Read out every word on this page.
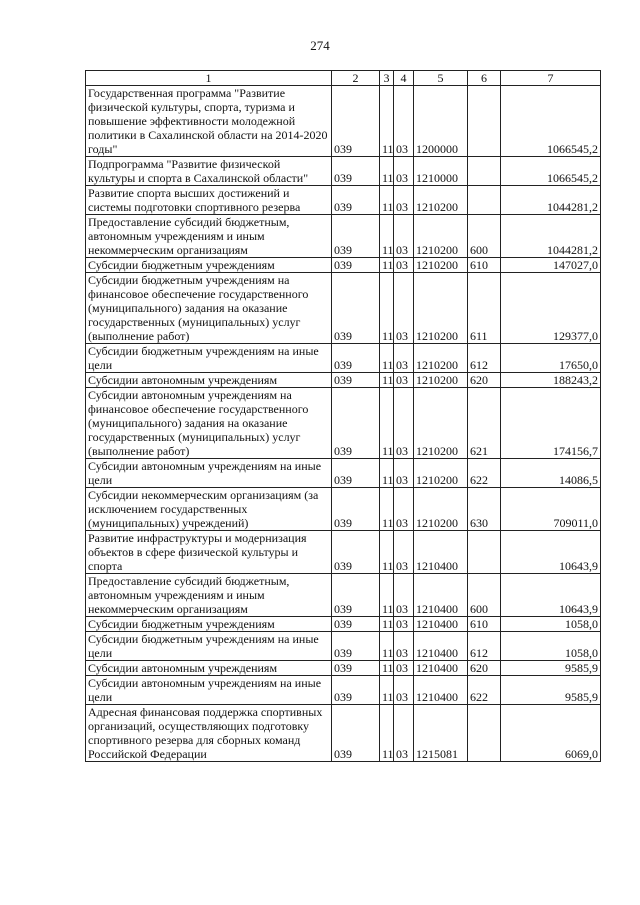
274
1	2	3	4	5	6	7
Государственная программа "Развитие физической культуры, спорта, туризма и повышение эффективности молодежной политики в Сахалинской области на 2014-2020 годы"	039	11	03	1200000		1066545,2
Подпрограмма "Развитие физической культуры и спорта в Сахалинской области"	039	11	03	1210000		1066545,2
Развитие спорта высших достижений и системы подготовки спортивного резерва	039	11	03	1210200		1044281,2
Предоставление субсидий бюджетным, автономным учреждениям и иным некоммерческим организациям	039	11	03	1210200	600	1044281,2
Субсидии бюджетным учреждениям	039	11	03	1210200	610	147027,0
Субсидии бюджетным учреждениям на финансовое обеспечение государственного (муниципального) задания на оказание государственных (муниципальных) услуг (выполнение работ)	039	11	03	1210200	611	129377,0
Субсидии бюджетным учреждениям на иные цели	039	11	03	1210200	612	17650,0
Субсидии автономным учреждениям	039	11	03	1210200	620	188243,2
Субсидии автономным учреждениям на финансовое обеспечение государственного (муниципального) задания на оказание государственных (муниципальных) услуг (выполнение работ)	039	11	03	1210200	621	174156,7
Субсидии автономным учреждениям на иные цели	039	11	03	1210200	622	14086,5
Субсидии некоммерческим организациям (за исключением государственных (муниципальных) учреждений)	039	11	03	1210200	630	709011,0
Развитие инфраструктуры и модернизация объектов в сфере физической культуры и спорта	039	11	03	1210400		10643,9
Предоставление субсидий бюджетным, автономным учреждениям и иным некоммерческим организациям	039	11	03	1210400	600	10643,9
Субсидии бюджетным учреждениям	039	11	03	1210400	610	1058,0
Субсидии бюджетным учреждениям на иные цели	039	11	03	1210400	612	1058,0
Субсидии автономным учреждениям	039	11	03	1210400	620	9585,9
Субсидии автономным учреждениям на иные цели	039	11	03	1210400	622	9585,9
Адресная финансовая поддержка спортивных организаций, осуществляющих подготовку спортивного резерва для сборных команд Российской Федерации	039	11	03	1215081		6069,0
